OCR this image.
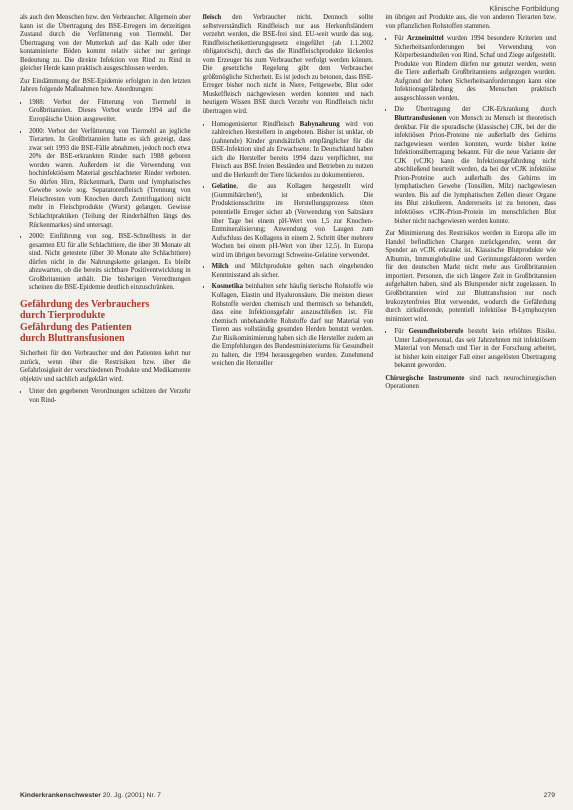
Klinische Fortbildung

als auch den Menschen bzw. den Verbraucher. Allgemein aber kann ist die Übertragung des BSE-Erregers im derzeitigen Zustand durch die Verfütterung von Tiermehl. Der Übertragung von der Mutterkuh auf das Kalb oder über kontaminierte Böden kommt relativ sicher nur geringe Bedeutung zu. Die direkte Infektion von Rind zu Rind in gleicher Herde kann praktisch ausgeschlossen werden.

Zur Eindämmung der BSE-Epidemie erfolgten in den letzten Jahren folgende Maßnahmen bzw. Anordnungen:

• 1988: Verbot der Fütterung von Tiermehl in Großbritannien. Dieses Verbot wurde 1994 auf die Europäische Union ausgeweitet.
• 2000: Verbot der Verfütterung von Tiermehl an jegliche Tierarten. In Großbritannien hatte es sich gezeigt, dass zwar seit 1993 die BSE-Fälle abnahmen, jedoch noch etwa 20% der BSE-erkrankten Rinder nach 1988 geboren worden waren. Außerdem ist die Verwendung von hochinfektiösem Material geschlachteter Rinder verboten. So dürfen Hirn, Rückenmark, Darm und lymphatisches Gewebe sowie sog. Separatorenfleisch (Trennung von Fleischresten vom Knochen durch Zentrifugation) nicht mehr in Fleischprodukte (Wurst) gelangen. Gewisse Schlachtpraktiken (Teilung der Rinderhälften längs des Rückenmarkes) sind untersagt.
• 2000: Einführung von sog. BSE-Schnelltests in der gesamten EU für alle Schlachttiere, die über 30 Monate alt sind. Nicht getestete (über 30 Monate alte Schlachttiere) dürfen nicht in die Nahrungskette gelangen. Es bleibt abzuwarten, ob die bereits sichtbare Positiventwicklung in Großbritannien anhält. Die bisherigen Verordnungen scheinen die BSE-Epidemie deutlich einzuschränken.
Gefährdung des Verbrauchers
durch Tierprodukte
Gefährdung des Patienten
durch Bluttransfusionen

Sicherheit für den Verbraucher und den Patienten kehrt nur zurück, wenn über die Restrisiken bzw. über die Gefahrlosigkeit der verschiedenen Produkte und Medikamente objektiv und sachlich aufgeklärt wird.

• Unter den gegebenen Verordnungen schützen der Verzehr von Rind-

fleisch den Verbraucher nicht. Dennoch sollte selbstverständlich Rindfleisch nur aus Herkunftsländern verzehrt werden, die BSE-frei sind. EU-weit wurde das sog. Rindfleischetikettierungsgesetz eingeführt (ab 1.1.2002 obligatorisch), durch das die Rindfleischprodukte lückenlos vom Erzeuger bis zum Verbraucher verfolgt werden können. Die gesetzliche Regelung gibt dem Verbraucher größtmögliche Sicherheit. Es ist jedoch zu betonen, dass BSE-Erreger bisher noch nicht in Niere, Fettgewebe, Blut oder Muskelfleisch nachgewiesen werden konnten und nach heutigem Wissen BSE durch Verzehr von Rindfleisch nicht übertragen wird.

• Homogenisierter Rindfleisch Babynahrung wird von zahlreichen Herstellern in angeboten. Bisher ist unklar, ob (zahnende) Kinder grundsätzlich empfänglicher für die BSE-Infektion sind als Erwachsene. In Deutschland haben sich die Hersteller bereits 1994 dazu verpflichtet, nur Fleisch aus BSE freien Beständen und Betrieben zu nutzen und die Herkunft der Tiere lückenlos zu dokumentieren.
• Gelatine, die aus Kollagen hergestellt wird (Gummibärchen!), ist unbedenklich. Die Produktionsschritte im Herstellungsprozess töten potentielle Erreger sicher ab (Verwendung von Salzsäure über Tage bei einem pH-Wert von 1,5 zur Knochen-Entmineralisierung; Anwendung von Laugen zum Aufschluss des Kollagens in einem 2. Schritt über mehrere Wochen bei einem pH-Wert von über 12,5). In Europa wird im übrigen bevorzugt Schweine-Gelatine verwendet.
• Milch und Milchprodukte gelten nach eingehenden Kenntnisstand als sicher.
• Kosmetika beinhalten sehr häufig tierische Rohstoffe wie Kollagen, Elastin und Hyaluronsäure. Die meisten dieser Rohstoffe werden chemisch und thermisch so behandelt, dass eine Infektionsgefahr auszuschließen ist. Für chemisch unbehandelte Rohstoffe darf nur Material von Tieren aus vollständig gesunden Herden benutzt werden. Zur Risikominimierung haben sich die Hersteller zudem an die Empfehlungen des Bundesministeriums für Gesundheit zu halten, die 1994 herausgegeben wurden. Zunehmend weichen die Hersteller

im übrigen auf Produkte aus, die von anderen Tierarten bzw. von pflanzlichen Rohstoffen stammen.

• Für Arzneimittel wurden 1994 besondere Kriterien und Sicherheitsanforderungen bei Verwendung von Körperbestandteilen von Rind, Schaf und Ziege aufgestellt. Produkte von Rindern dürfen nur genutzt werden, wenn die Tiere außerhalb Großbritanniens aufgezogen wurden. Aufgrund der hohen Sicherheitsanforderungen kann eine Infektionsgefährdung des Menschen praktisch ausgeschlossen werden.
• Die Übertragung der CJK-Erkrankung durch Bluttransfusionen von Mensch zu Mensch ist theoretisch denkbar. Für die sporadische (klassische) CJK, bei der die infektiösen Prion-Proteine nie außerhalb des Gehirns nachgewiesen werden konnten, wurde bisher keine Infektionsübertragung bekannt. Für die neue Variante der CJK (vCJK) kann die Infektionsgefährdung nicht abschließend beurteilt werden, da bei der vCJK infektiöse Prion-Proteine auch außerhalb des Gehirns im lymphatischen Gewebe (Tonsillen, Milz) nachgewiesen wurden. Bis auf die lymphatischen Zellen dieser Organe ins Blut zirkulieren. Andererseits ist zu betonen, dass infektiöses vCJK-Prion-Protein im menschlichen Blut bisher nicht nachgewiesen werden konnte.

Zur Minimierung des Restrisikos werden in Europa alle im Handel befindlichen Chargen zurückgerufen, wenn der Spender an vCJK erkrankt ist. Klassische Blutprodukte wie Albumin, Immunglobuline und Gerinnungsfaktoren werden für den deutschen Markt nicht mehr aus Großbritannien importiert. Personen, die sich längere Zeit in Großbritannien aufgehalten haben, sind als Blutspender nicht zugelassen. In Großbritannien wird zur Bluttransfusion nur noch leukozytenfreies Blut verwendet, wodurch die Gefährdung durch zirkulierende, potentiell infektiöse B-Lymphozyten minimiert wird.

• Für Gesundheitsberufe besteht kein erhöhtes Risiko. Unter Laborpersonal, das seit Jahrzehnten mit infektiösem Material von Mensch und Tier in der Forschung arbeitet, ist bisher kein einziger Fall einer ausgelösten Übertragung bekannt geworden.

Chirurgische Instrumente sind nach neurochirurgischen Operationen

Kinderkrankenschwester 20. Jg. (2001) Nr. 7	279
